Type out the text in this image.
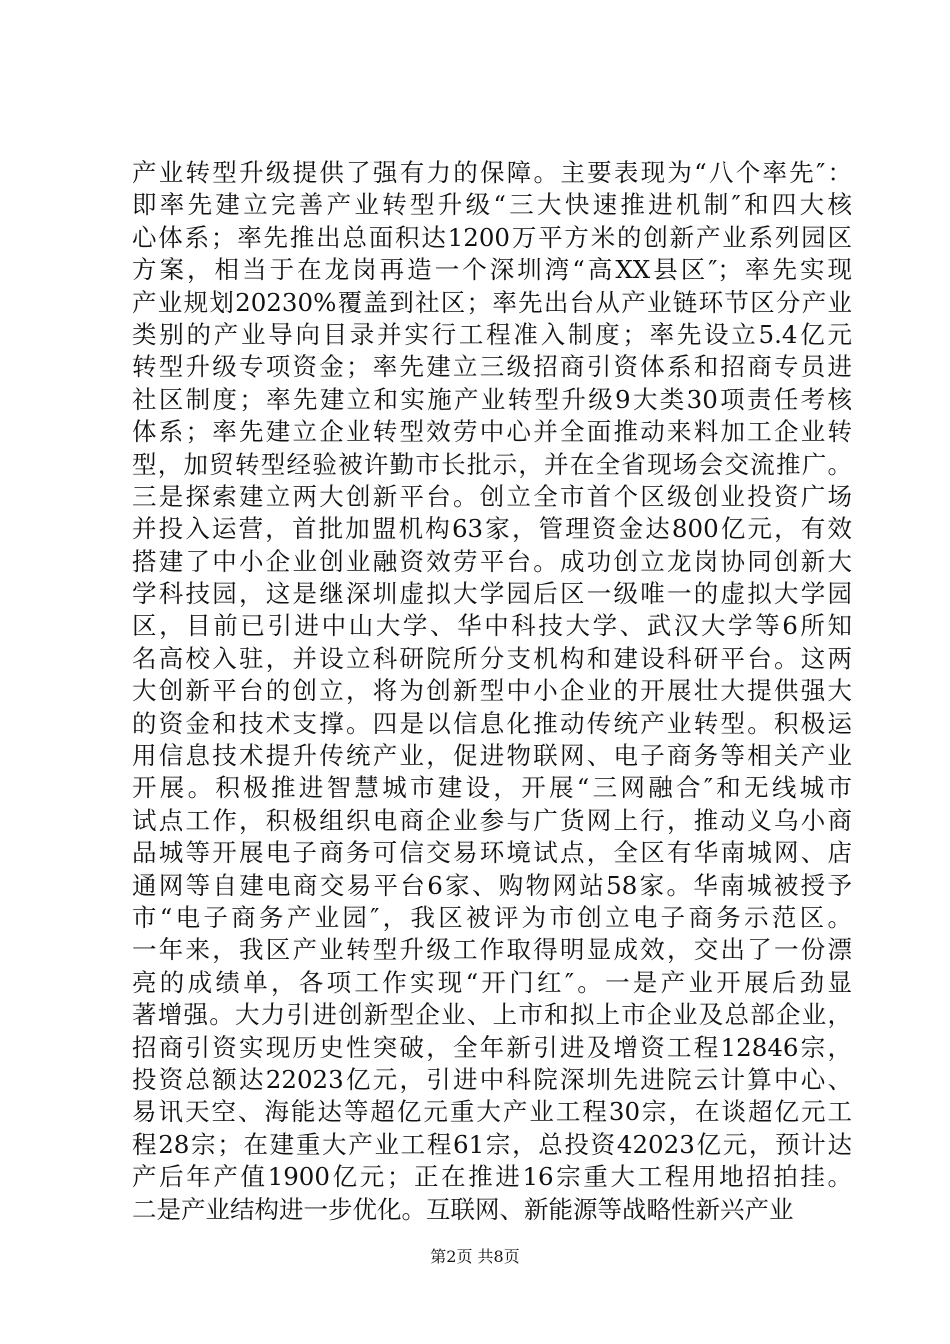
产业转型升级提供了强有力的保障。主要表现为“八个率先″：
即率先建立完善产业转型升级“三大快速推进机制″和四大核
心体系；率先推出总面积达1200万平方米的创新产业系列园区
方案，相当于在龙岗再造一个深圳湾“高XX县区″；率先实现
产业规划20230%覆盖到社区；率先出台从产业链环节区分产业
类别的产业导向目录并实行工程准入制度；率先设立5.4亿元
转型升级专项资金；率先建立三级招商引资体系和招商专员进
社区制度；率先建立和实施产业转型升级9大类30项责任考核
体系；率先建立企业转型效劳中心并全面推动来料加工企业转
型，加贸转型经验被许勤市长批示，并在全省现场会交流推广。
三是探索建立两大创新平台。创立全市首个区级创业投资广场
并投入运营，首批加盟机构63家，管理资金达800亿元，有效
搭建了中小企业创业融资效劳平台。成功创立龙岗协同创新大
学科技园，这是继深圳虚拟大学园后区一级唯一的虚拟大学园
区，目前已引进中山大学、华中科技大学、武汉大学等6所知
名高校入驻，并设立科研院所分支机构和建设科研平台。这两
大创新平台的创立，将为创新型中小企业的开展壮大提供强大
的资金和技术支撑。四是以信息化推动传统产业转型。积极运
用信息技术提升传统产业，促进物联网、电子商务等相关产业
开展。积极推进智慧城市建设，开展“三网融合″和无线城市
试点工作，积极组织电商企业参与广货网上行，推动义乌小商
品城等开展电子商务可信交易环境试点，全区有华南城网、店
通网等自建电商交易平台6家、购物网站58家。华南城被授予
市“电子商务产业园″，我区被评为市创立电子商务示范区。
一年来，我区产业转型升级工作取得明显成效，交出了一份漂
亮的成绩单，各项工作实现“开门红″。一是产业开展后劲显
著增强。大力引进创新型企业、上市和拟上市企业及总部企业，
招商引资实现历史性突破，全年新引进及增资工程12846宗，
投资总额达22023亿元，引进中科院深圳先进院云计算中心、
易讯天空、海能达等超亿元重大产业工程30宗，在谈超亿元工
程28宗；在建重大产业工程61宗，总投资42023亿元，预计达
产后年产值1900亿元；正在推进16宗重大工程用地招拍挂。
二是产业结构进一步优化。互联网、新能源等战略性新兴产业
第2页 共8页
